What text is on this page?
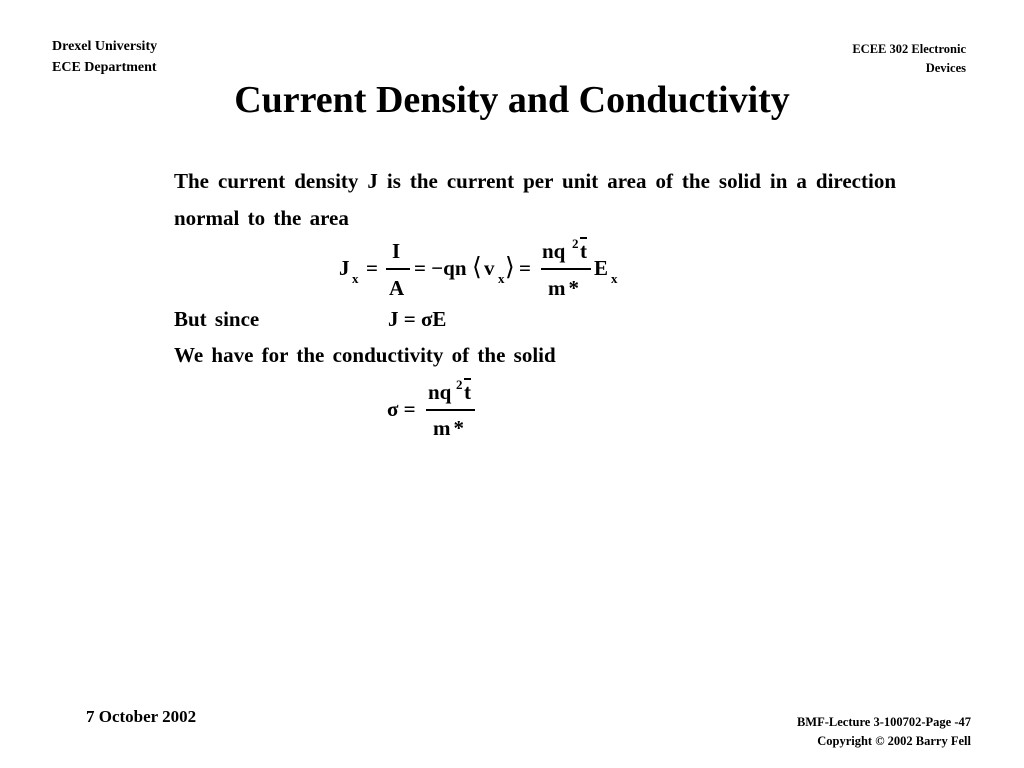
Drexel University
ECE Department
ECEE 302 Electronic
Devices
Current Density and Conductivity
The current density J is the current per unit area of the solid in a direction normal to the area
J x =
I
A
= −qn ⟨ v x ⟩ =
nq 2 $\overline{t}$
m*
E x
But since	J = σE
We have for the conductivity of the solid
σ =
nq 2 $\overline{t}$
m*
7 October 2002	BMF-Lecture 3-100702-Page -47
Copyright © 2002 Barry Fell
